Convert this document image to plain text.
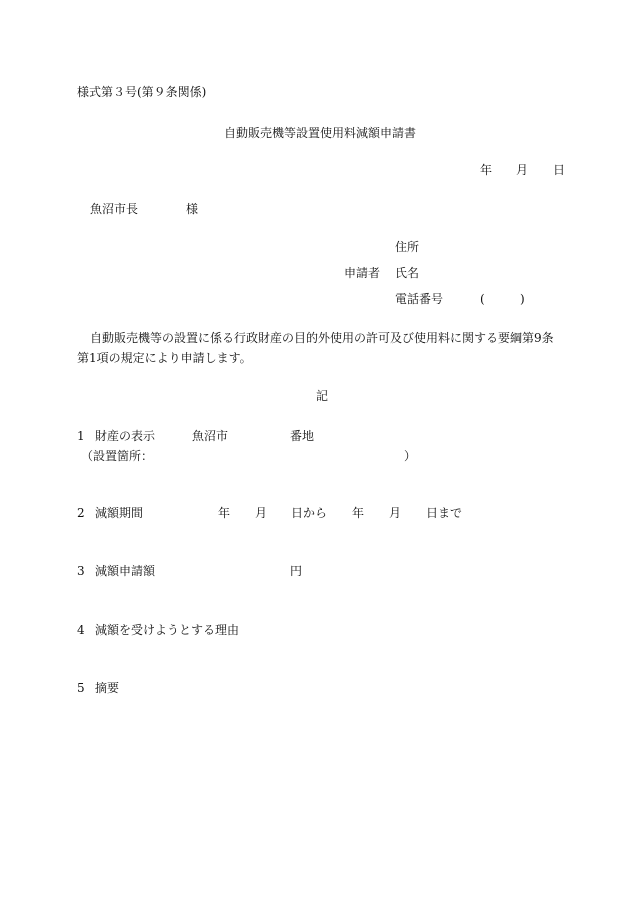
様式第３号(第９条関係)
自動販売機等設置使用料減額申請書
年 月 日
魚沼市長	様
住所
申請者 氏名
電話番号	(	)
自動販売機等の設置に係る行政財産の目的外使用の許可及び使用料に関する要綱第9条
第1項の規定により申請します。
記
1 財産の表示	魚沼市	番地
（設置箇所：	）
2 減額期間	年 月 日から 年 月 日まで
3 減額申請額	円
4 減額を受けようとする理由
5 摘要
